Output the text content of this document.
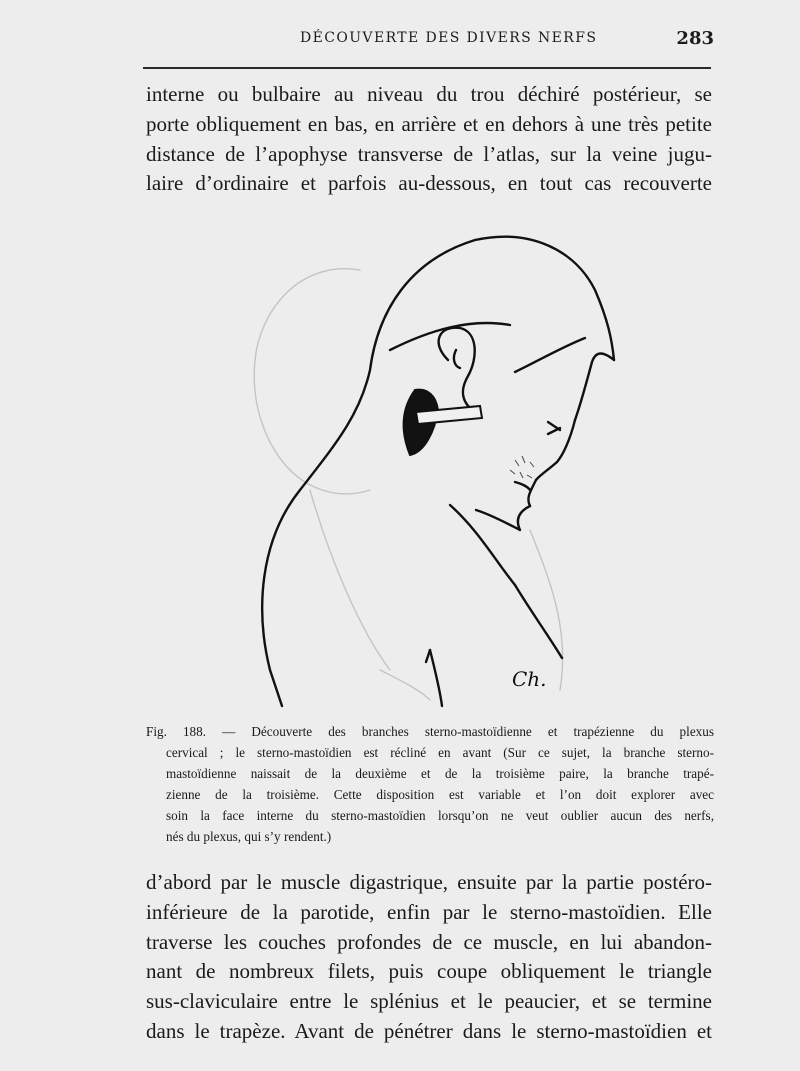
DÉCOUVERTE DES DIVERS NERFS	283

interne ou bulbaire au niveau du trou déchiré postérieur, se
porte obliquement en bas, en arrière et en dehors à une très petite
distance de l’apophyse transverse de l’atlas, sur la veine jugu-
laire d’ordinaire et parfois au-dessous, en tout cas recouverte

Ch.
Fig. 188. — Découverte des branches sterno-mastoïdienne et trapézienne du plexus
cervical ; le sterno-mastoïdien est récliné en avant (Sur ce sujet, la branche sterno-
mastoïdienne naissait de la deuxième et de la troisième paire, la branche trapé-
zienne de la troisième. Cette disposition est variable et l’on doit explorer avec
soin la face interne du sterno-mastoïdien lorsqu’on ne veut oublier aucun des nerfs,
nés du plexus, qui s’y rendent.)

d’abord par le muscle digastrique, ensuite par la partie postéro-
inférieure de la parotide, enfin par le sterno-mastoïdien. Elle
traverse les couches profondes de ce muscle, en lui abandon-
nant de nombreux filets, puis coupe obliquement le triangle
sus-claviculaire entre le splénius et le peaucier, et se termine
dans le trapèze. Avant de pénétrer dans le sterno-mastoïdien et
